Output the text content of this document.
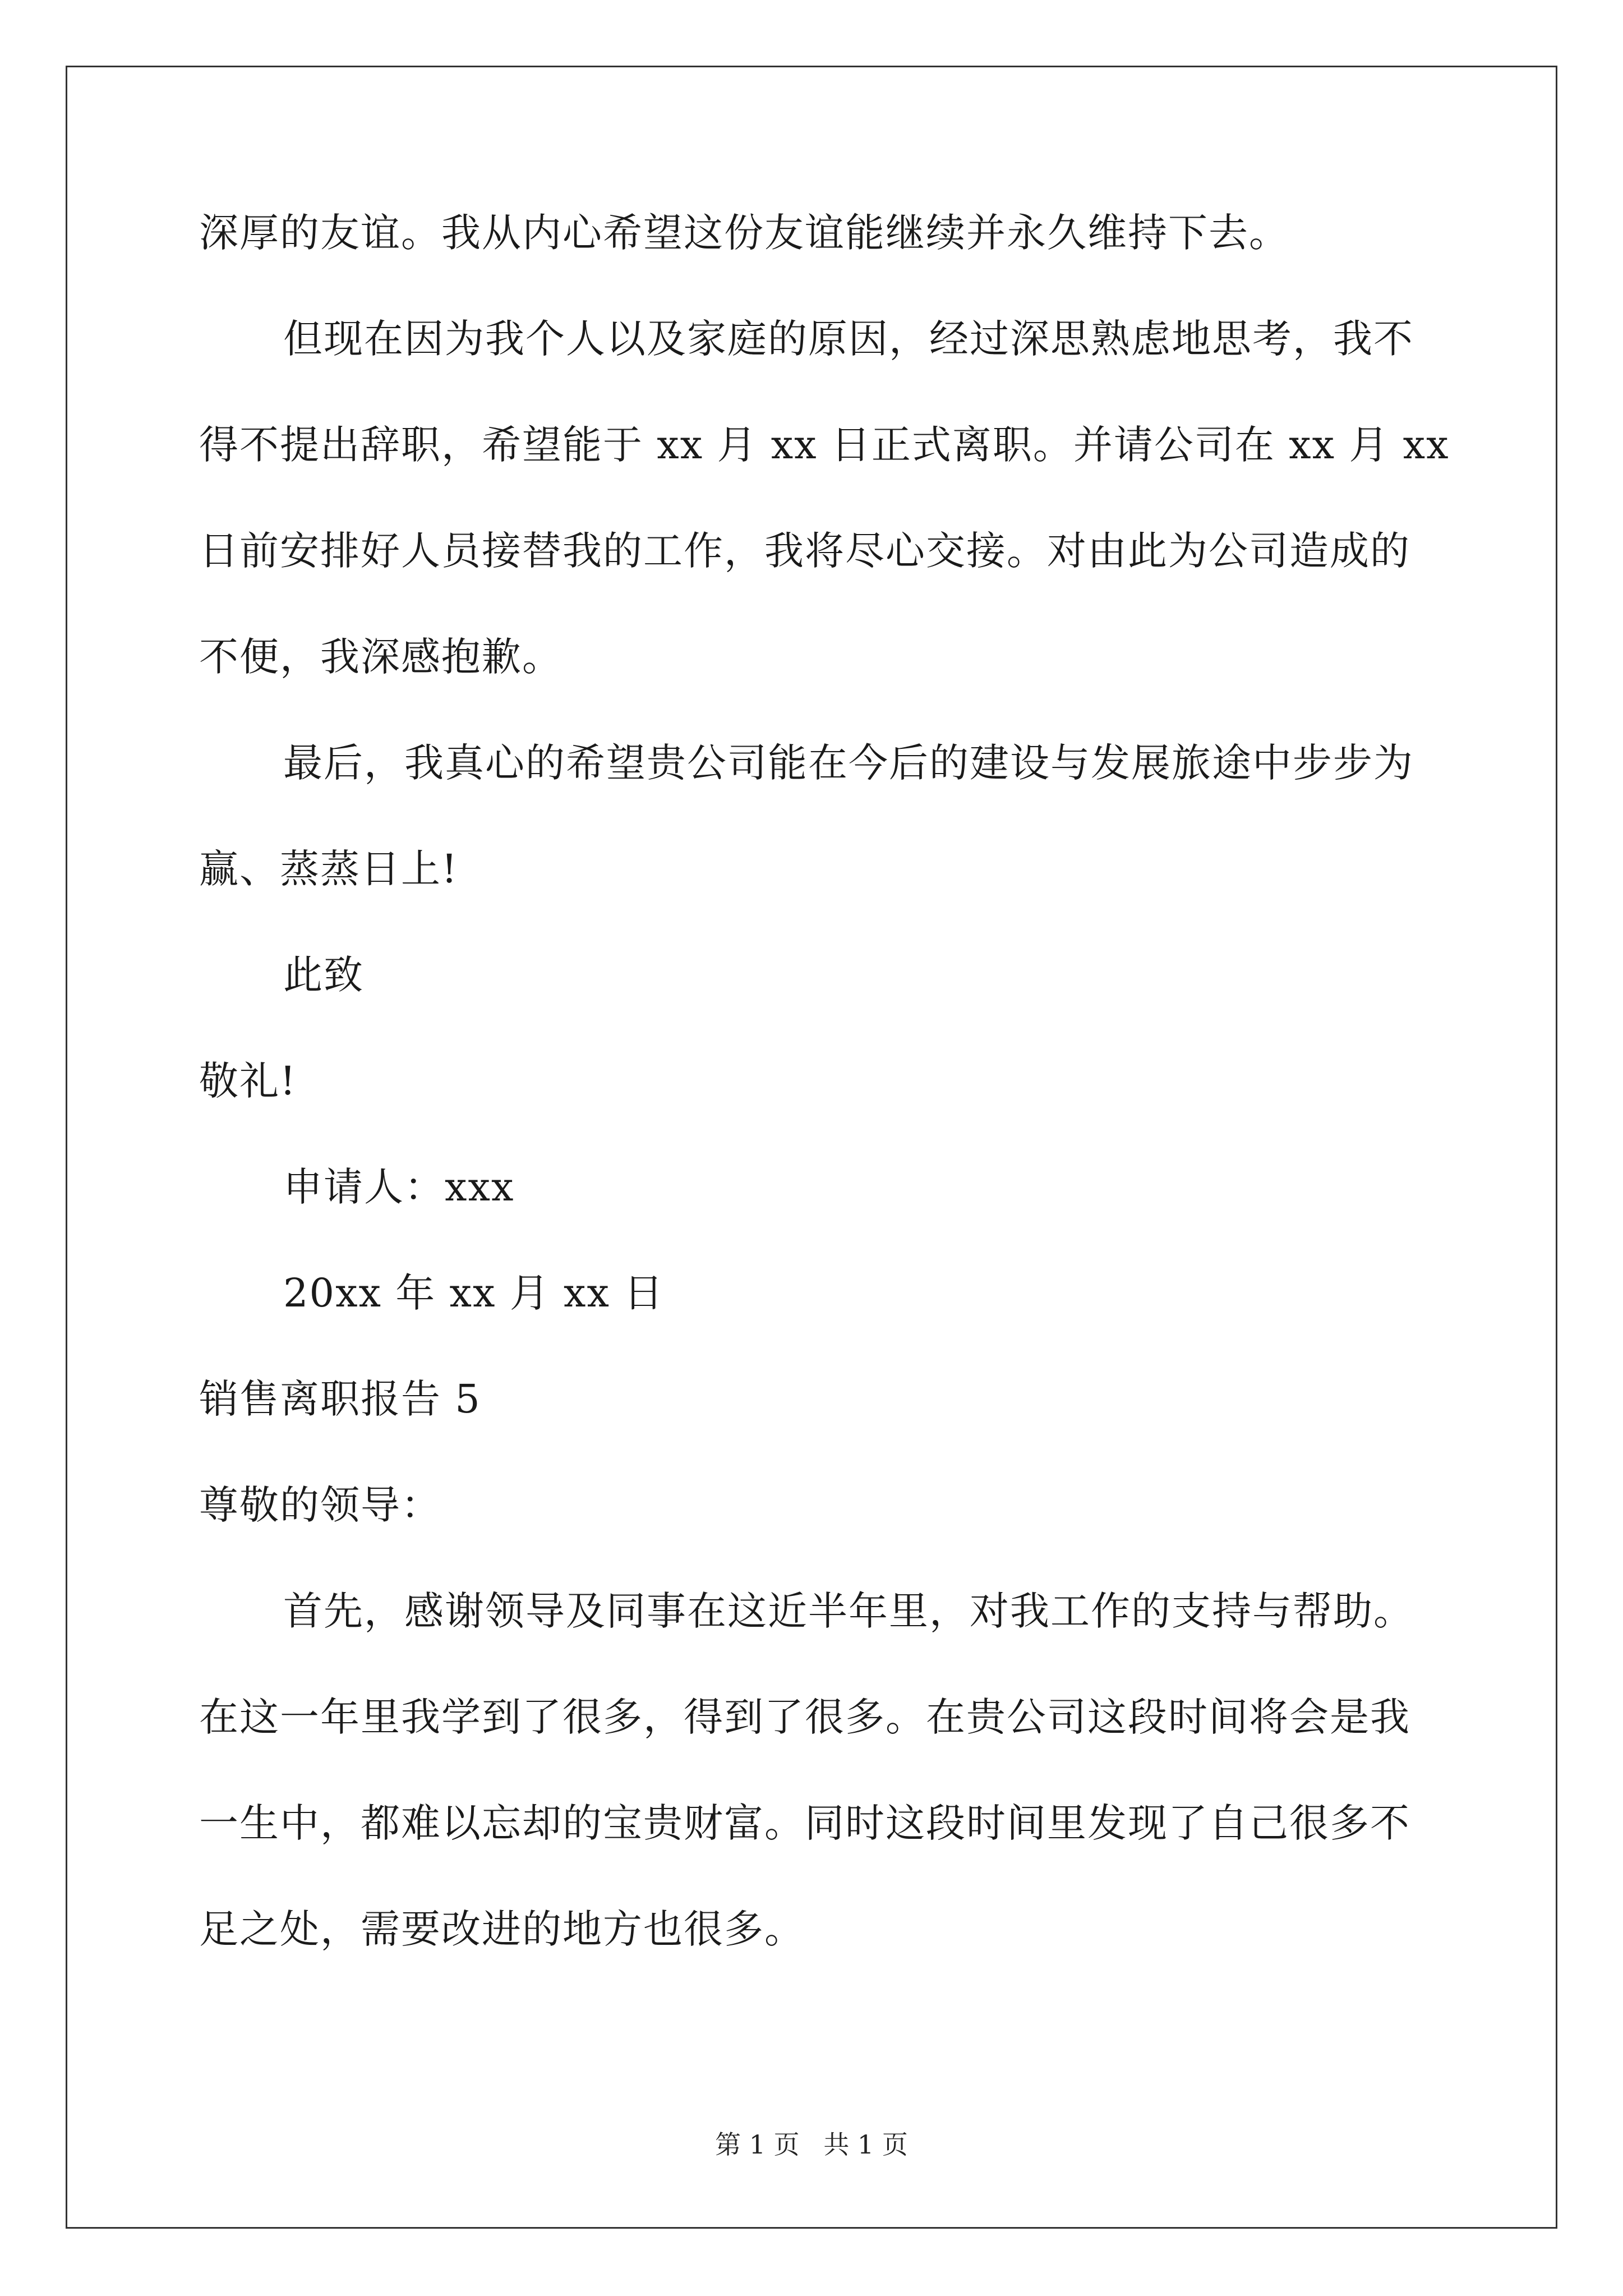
深厚的友谊。我从内心希望这份友谊能继续并永久维持下去。
但现在因为我个人以及家庭的原因，经过深思熟虑地思考，我不
得不提出辞职，希望能于 xx 月 xx 日正式离职。并请公司在 xx 月 xx
日前安排好人员接替我的工作，我将尽心交接。对由此为公司造成的
不便，我深感抱歉。
最后，我真心的希望贵公司能在今后的建设与发展旅途中步步为
赢、蒸蒸日上!
此致
敬礼!
申请人：xxx
20xx 年 xx 月 xx 日
销售离职报告 5
尊敬的领导：
首先，感谢领导及同事在这近半年里，对我工作的支持与帮助。
在这一年里我学到了很多，得到了很多。在贵公司这段时间将会是我
一生中，都难以忘却的宝贵财富。同时这段时间里发现了自己很多不
足之处，需要改进的地方也很多。
第 1 页 共 1 页
